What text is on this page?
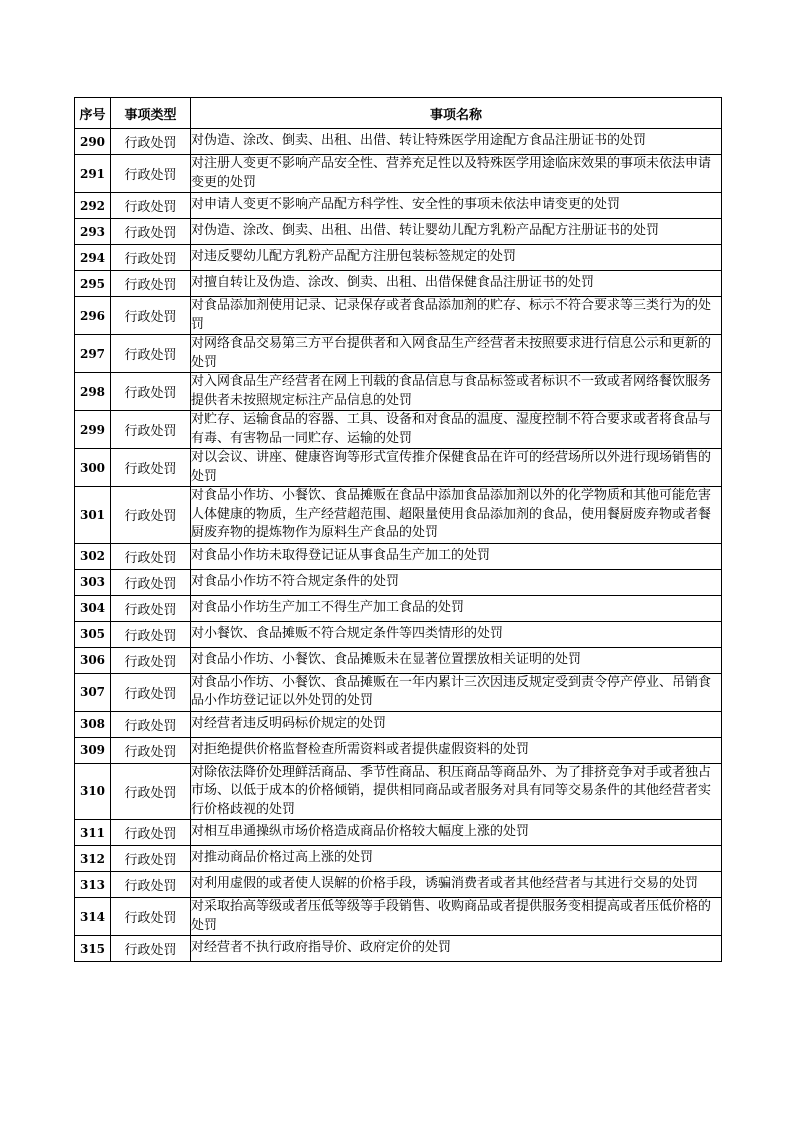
序号	事项类型	事项名称
290	行政处罚	对伪造、涂改、倒卖、出租、出借、转让特殊医学用途配方食品注册证书的处罚
291	行政处罚	对注册人变更不影响产品安全性、营养充足性以及特殊医学用途临床效果的事项未依法申请变更的处罚
292	行政处罚	对申请人变更不影响产品配方科学性、安全性的事项未依法申请变更的处罚
293	行政处罚	对伪造、涂改、倒卖、出租、出借、转让婴幼儿配方乳粉产品配方注册证书的处罚
294	行政处罚	对违反婴幼儿配方乳粉产品配方注册包装标签规定的处罚
295	行政处罚	对擅自转让及伪造、涂改、倒卖、出租、出借保健食品注册证书的处罚
296	行政处罚	对食品添加剂使用记录、记录保存或者食品添加剂的贮存、标示不符合要求等三类行为的处罚
297	行政处罚	对网络食品交易第三方平台提供者和入网食品生产经营者未按照要求进行信息公示和更新的处罚
298	行政处罚	对入网食品生产经营者在网上刊载的食品信息与食品标签或者标识不一致或者网络餐饮服务提供者未按照规定标注产品信息的处罚
299	行政处罚	对贮存、运输食品的容器、工具、设备和对食品的温度、湿度控制不符合要求或者将食品与有毒、有害物品一同贮存、运输的处罚
300	行政处罚	对以会议、讲座、健康咨询等形式宣传推介保健食品在许可的经营场所以外进行现场销售的处罚
301	行政处罚	对食品小作坊、小餐饮、食品摊贩在食品中添加食品添加剂以外的化学物质和其他可能危害人体健康的物质，生产经营超范围、超限量使用食品添加剂的食品，使用餐厨废弃物或者餐厨废弃物的提炼物作为原料生产食品的处罚
302	行政处罚	对食品小作坊未取得登记证从事食品生产加工的处罚
303	行政处罚	对食品小作坊不符合规定条件的处罚
304	行政处罚	对食品小作坊生产加工不得生产加工食品的处罚
305	行政处罚	对小餐饮、食品摊贩不符合规定条件等四类情形的处罚
306	行政处罚	对食品小作坊、小餐饮、食品摊贩未在显著位置摆放相关证明的处罚
307	行政处罚	对食品小作坊、小餐饮、食品摊贩在一年内累计三次因违反规定受到责令停产停业、吊销食品小作坊登记证以外处罚的处罚
308	行政处罚	对经营者违反明码标价规定的处罚
309	行政处罚	对拒绝提供价格监督检查所需资料或者提供虚假资料的处罚
310	行政处罚	对除依法降价处理鲜活商品、季节性商品、积压商品等商品外、为了排挤竞争对手或者独占市场、以低于成本的价格倾销，提供相同商品或者服务对具有同等交易条件的其他经营者实行价格歧视的处罚
311	行政处罚	对相互串通操纵市场价格造成商品价格较大幅度上涨的处罚
312	行政处罚	对推动商品价格过高上涨的处罚
313	行政处罚	对利用虚假的或者使人误解的价格手段，诱骗消费者或者其他经营者与其进行交易的处罚
314	行政处罚	对采取抬高等级或者压低等级等手段销售、收购商品或者提供服务变相提高或者压低价格的处罚
315	行政处罚	对经营者不执行政府指导价、政府定价的处罚
